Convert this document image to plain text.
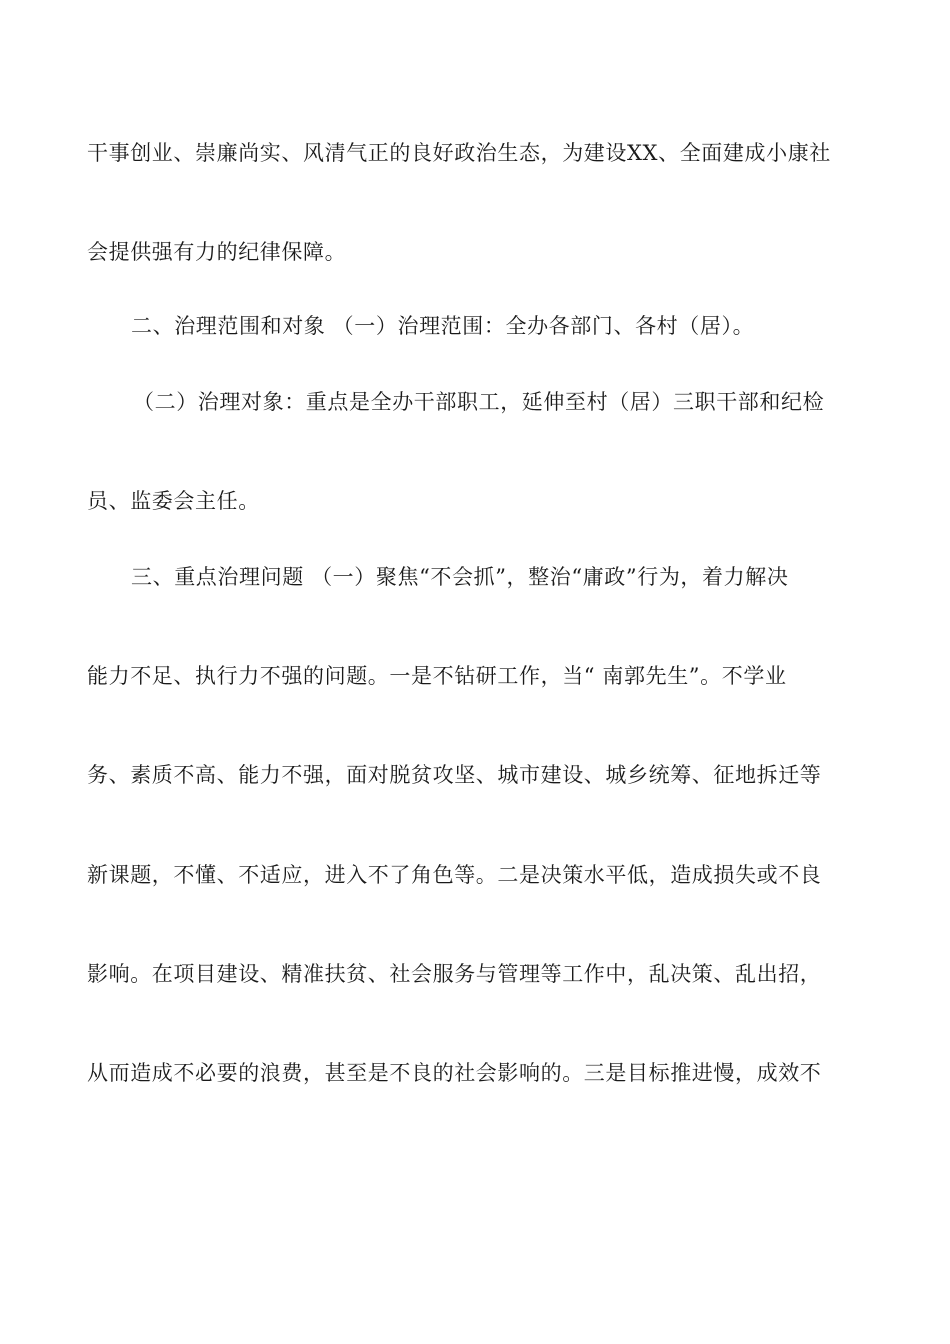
干事创业、崇廉尚实、风清气正的良好政治生态，为建设XX、全面建成小康社
会提供强有力的纪律保障。
二、治理范围和对象 （一）治理范围：全办各部门、各村（居）。
（二）治理对象：重点是全办干部职工，延伸至村（居）三职干部和纪检
员、监委会主任。
三、重点治理问题 （一）聚焦“不会抓”，整治“庸政”行为，着力解决
能力不足、执行力不强的问题。一是不钻研工作，当“ 南郭先生”。不学业
务、素质不高、能力不强，面对脱贫攻坚、城市建设、城乡统筹、征地拆迁等
新课题，不懂、不适应，进入不了角色等。二是决策水平低，造成损失或不良
影响。在项目建设、精准扶贫、社会服务与管理等工作中，乱决策、乱出招，
从而造成不必要的浪费，甚至是不良的社会影响的。三是目标推进慢，成效不
